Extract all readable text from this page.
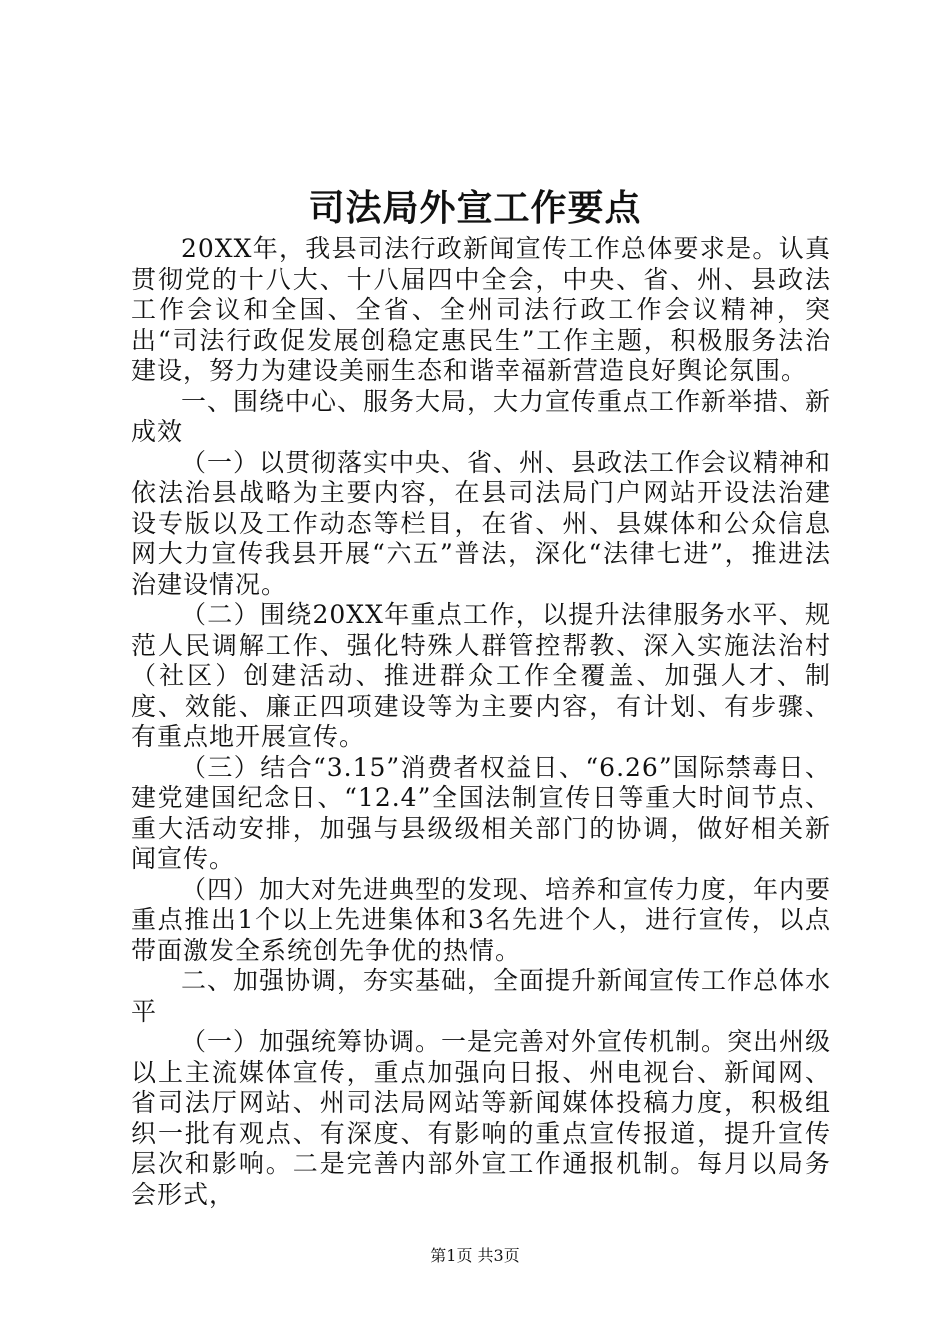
司法局外宣工作要点

20XX年，我县司法行政新闻宣传工作总体要求是。认真贯彻党的十八大、十八届四中全会，中央、省、州、县政法工作会议和全国、全省、全州司法行政工作会议精神，突出“司法行政促发展创稳定惠民生”工作主题，积极服务法治建设，努力为建设美丽生态和谐幸福新营造良好舆论氛围。

一、围绕中心、服务大局，大力宣传重点工作新举措、新成效

（一）以贯彻落实中央、省、州、县政法工作会议精神和依法治县战略为主要内容，在县司法局门户网站开设法治建设专版以及工作动态等栏目，在省、州、县媒体和公众信息网大力宣传我县开展“六五”普法，深化“法律七进”，推进法治建设情况。

（二）围绕20XX年重点工作，以提升法律服务水平、规范人民调解工作、强化特殊人群管控帮教、深入实施法治村（社区）创建活动、推进群众工作全覆盖、加强人才、制度、效能、廉正四项建设等为主要内容，有计划、有步骤、有重点地开展宣传。

（三）结合“3.15”消费者权益日、“6.26”国际禁毒日、建党建国纪念日、“12.4”全国法制宣传日等重大时间节点、重大活动安排，加强与县级级相关部门的协调，做好相关新闻宣传。

（四）加大对先进典型的发现、培养和宣传力度，年内要重点推出1个以上先进集体和3名先进个人，进行宣传，以点带面激发全系统创先争优的热情。

二、加强协调，夯实基础，全面提升新闻宣传工作总体水平

（一）加强统筹协调。一是完善对外宣传机制。突出州级以上主流媒体宣传，重点加强向日报、州电视台、新闻网、省司法厅网站、州司法局网站等新闻媒体投稿力度，积极组织一批有观点、有深度、有影响的重点宣传报道，提升宣传层次和影响。二是完善内部外宣工作通报机制。每月以局务会形式，

第1页 共3页
